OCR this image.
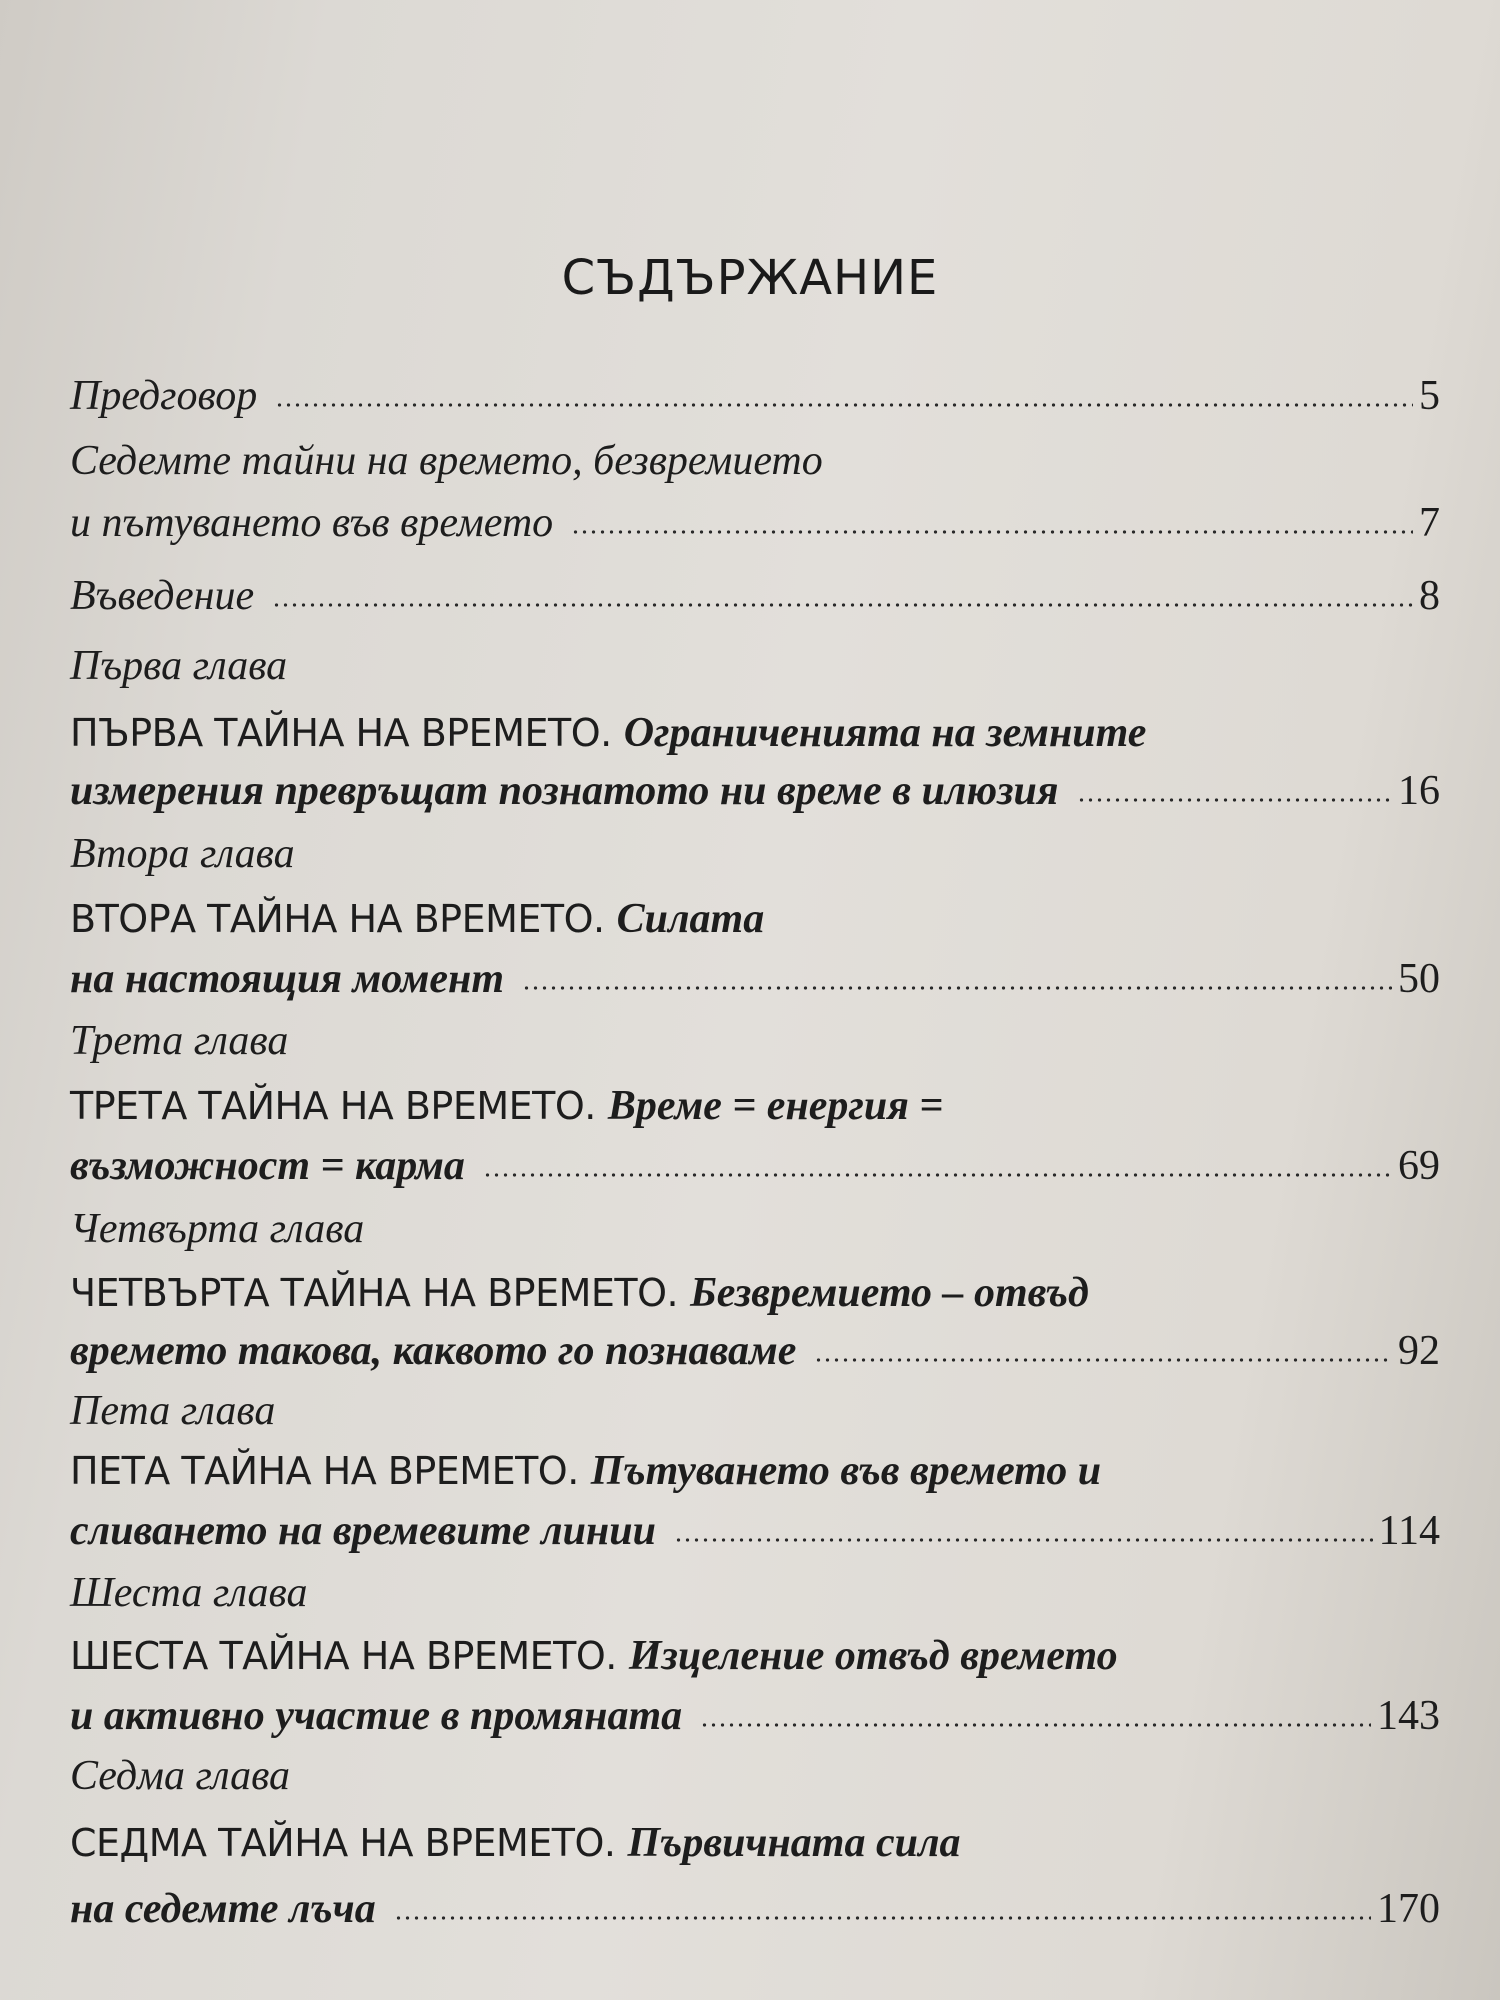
СЪДЪРЖАНИЕ
Предговор	5
Седемте тайни на времето, безвремието
и пътуването във времето	7
Въведение	8
Първа глава
ПЪРВА ТАЙНА НА ВРЕМЕТО. Ограниченията на земните
измерения превръщат познатото ни време в илюзия	16
Втора глава
ВТОРА ТАЙНА НА ВРЕМЕТО. Силата
на настоящия момент	50
Трета глава
ТРЕТА ТАЙНА НА ВРЕМЕТО. Време = енергия =
възможност = карма	69
Четвърта глава
ЧЕТВЪРТА ТАЙНА НА ВРЕМЕТО. Безвремието – отвъд
времето такова, каквото го познаваме	92
Пета глава
ПЕТА ТАЙНА НА ВРЕМЕТО. Пътуването във времето и
сливането на времевите линии	114
Шеста глава
ШЕСТА ТАЙНА НА ВРЕМЕТО. Изцеление отвъд времето
и активно участие в промяната	143
Седма глава
СЕДМА ТАЙНА НА ВРЕМЕТО. Първичната сила
на седемте лъча	170
